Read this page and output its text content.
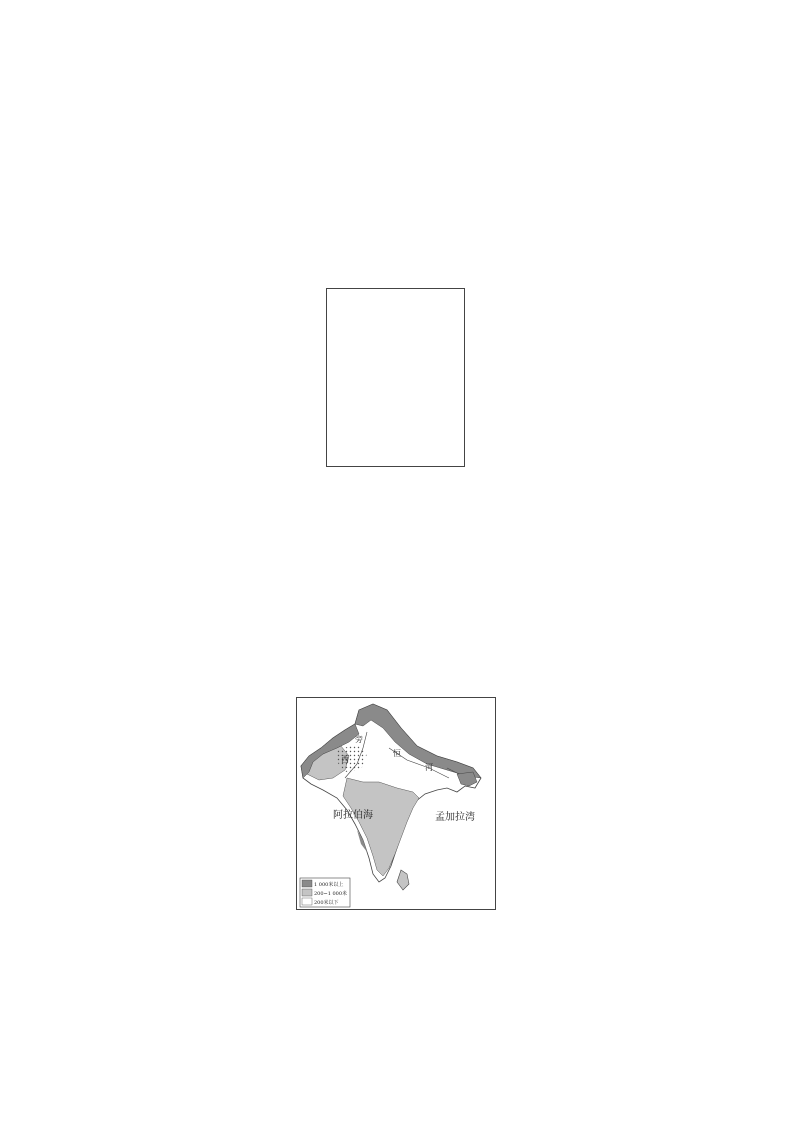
旁
西
恒
河
阿拉伯海	孟加拉湾
1 000米以上
200~1 000米
200米以下
